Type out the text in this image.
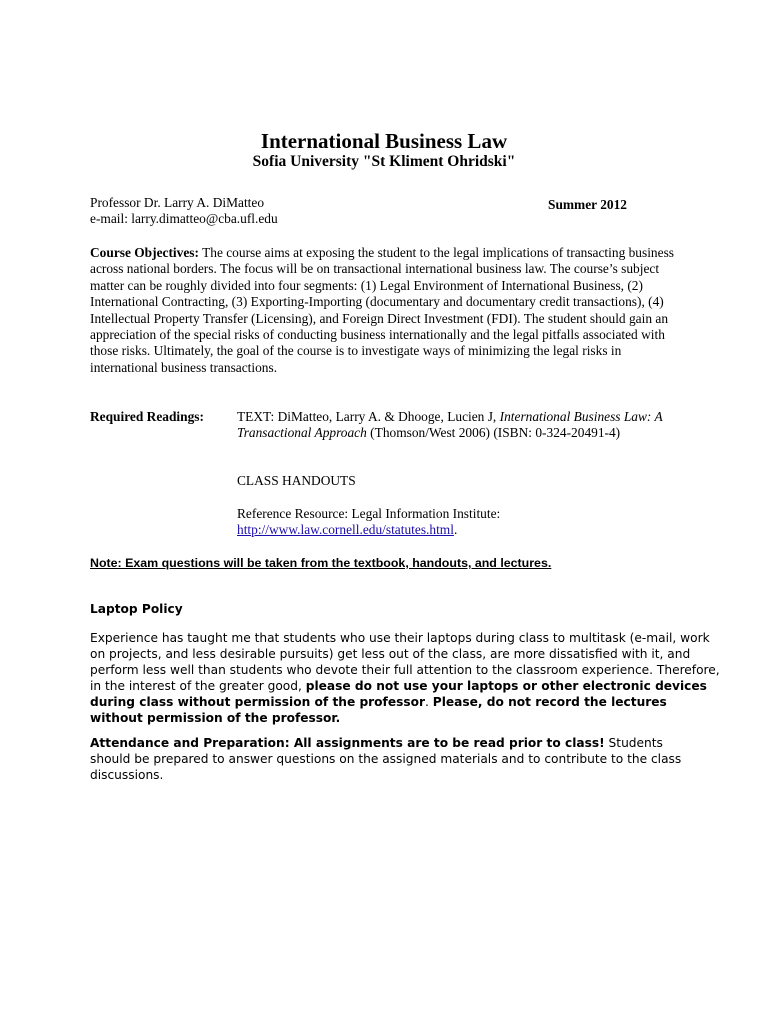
International Business Law
Sofia University "St Kliment Ohridski"
Professor Dr. Larry A. DiMatteo
e-mail: larry.dimatteo@cba.ufl.edu
Summer 2012
Course Objectives: The course aims at exposing the student to the legal implications of transacting business across national borders. The focus will be on transactional international business law. The course’s subject matter can be roughly divided into four segments: (1) Legal Environment of International Business, (2) International Contracting, (3) Exporting-Importing (documentary and documentary credit transactions), (4) Intellectual Property Transfer (Licensing), and Foreign Direct Investment (FDI). The student should gain an appreciation of the special risks of conducting business internationally and the legal pitfalls associated with those risks. Ultimately, the goal of the course is to investigate ways of minimizing the legal risks in international business transactions.
Required Readings: TEXT: DiMatteo, Larry A. & Dhooge, Lucien J, International Business Law: A Transactional Approach (Thomson/West 2006) (ISBN: 0-324-20491-4)
CLASS HANDOUTS
Reference Resource: Legal Information Institute:
http://www.law.cornell.edu/statutes.html.
Note: Exam questions will be taken from the textbook, handouts, and lectures.
Laptop Policy
Experience has taught me that students who use their laptops during class to multitask (e-mail, work on projects, and less desirable pursuits) get less out of the class, are more dissatisfied with it, and perform less well than students who devote their full attention to the classroom experience. Therefore, in the interest of the greater good, please do not use your laptops or other electronic devices during class without permission of the professor. Please, do not record the lectures without permission of the professor.
Attendance and Preparation: All assignments are to be read prior to class! Students should be prepared to answer questions on the assigned materials and to contribute to the class discussions.
